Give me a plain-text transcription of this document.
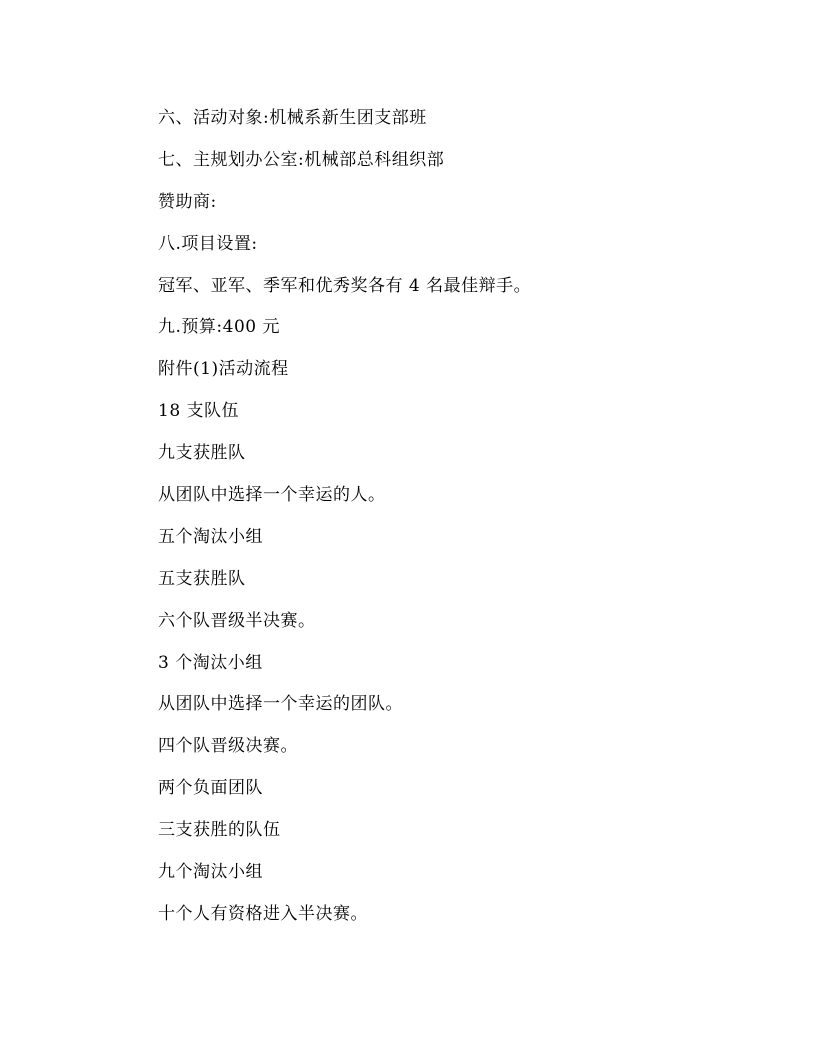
六、活动对象:机械系新生团支部班
七、主规划办公室:机械部总科组织部
赞助商:
八.项目设置:
冠军、亚军、季军和优秀奖各有 4 名最佳辩手。
九.预算:400 元
附件(1)活动流程
18 支队伍
九支获胜队
从团队中选择一个幸运的人。
五个淘汰小组
五支获胜队
六个队晋级半决赛。
3 个淘汰小组
从团队中选择一个幸运的团队。
四个队晋级决赛。
两个负面团队
三支获胜的队伍
九个淘汰小组
十个人有资格进入半决赛。
